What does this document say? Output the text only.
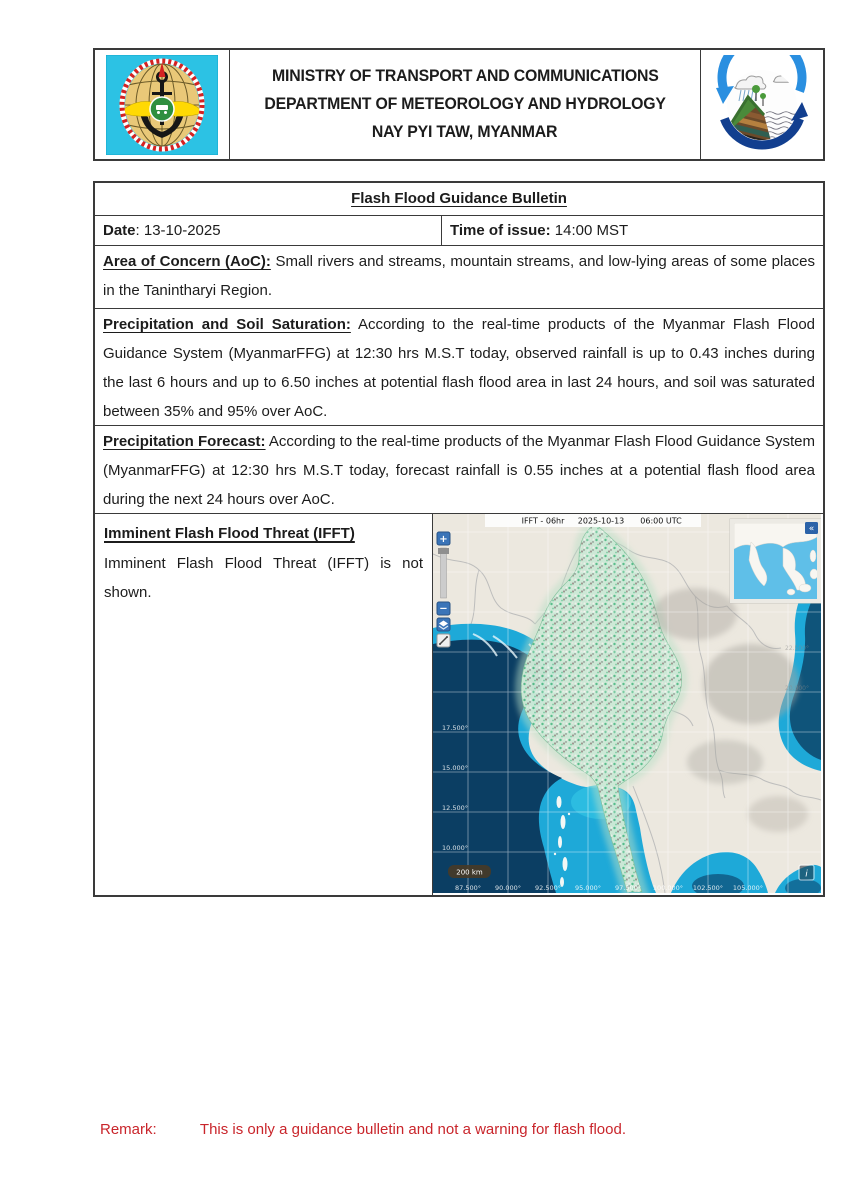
MINISTRY OF TRANSPORT AND COMMUNICATIONS
DEPARTMENT OF METEOROLOGY AND HYDROLOGY
NAY PYI TAW, MYANMAR
Flash Flood Guidance Bulletin
Date: 13-10-2025	Time of issue: 14:00 MST
Area of Concern (AoC): Small rivers and streams, mountain streams, and low-lying areas of some places in the Tanintharyi Region.
Precipitation and Soil Saturation: According to the real-time products of the Myanmar Flash Flood Guidance System (MyanmarFFG) at 12:30 hrs M.S.T today, observed rainfall is up to 0.43 inches during the last 6 hours and up to 6.50 inches at potential flash flood area in last 24 hours, and soil was saturated between 35% and 95% over AoC.
Precipitation Forecast: According to the real-time products of the Myanmar Flash Flood Guidance System (MyanmarFFG) at 12:30 hrs M.S.T today, forecast rainfall is 0.55 inches at a potential flash flood area during the next 24 hours over AoC.
Imminent Flash Flood Threat (IFFT)
Imminent Flash Flood Threat (IFFT) is not shown.
17.500°
15.000°
12.500°
10.000°
87.500° 90.000° 92.500° 95.000° 97.500° 100.000° 102.500° 105.000°
22.500°
20.000°
IFFT - 06hr 2025-10-13 06:00 UTC
+
−
«
200 km	i
Remark:	This is only a guidance bulletin and not a warning for flash flood.
